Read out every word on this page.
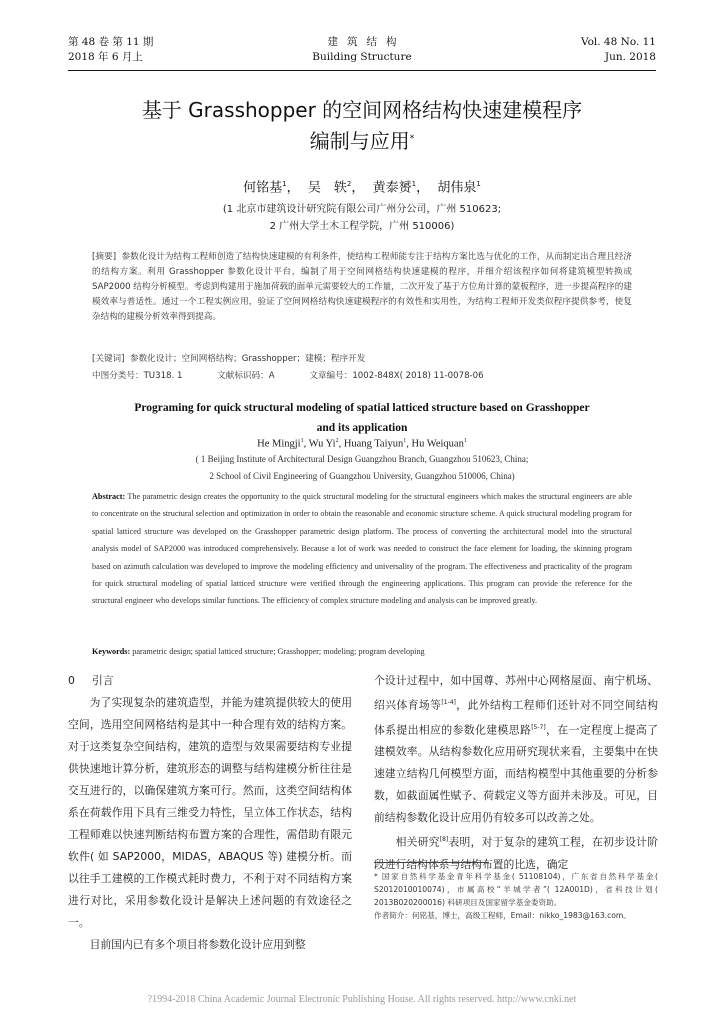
第 48 卷 第 11 期
2018 年 6 月上
建筑结构
Building Structure
Vol. 48 No. 11
Jun. 2018
基于 Grasshopper 的空间网格结构快速建模程序
编制与应用*
何铭基$^1$，  吴　轶$^2$，  黄泰赟$^1$，  胡伟泉$^1$
(1 北京市建筑设计研究院有限公司广州分公司，广州 510623;
2 广州大学土木工程学院，广州 510006)
[摘要] 参数化设计为结构工程师创造了结构快速建模的有利条件，使结构工程师能专注于结构方案比选与优化的工作，从而制定出合理且经济的结构方案。利用 Grasshopper 参数化设计平台，编制了用于空间网格结构快速建模的程序，并细介绍该程序如何将建筑模型转换成 SAP2000 结构分析模型。考虑到构建用于施加荷载的面单元需要较大的工作量，二次开发了基于方位角计算的蒙板程序，进一步提高程序的建模效率与普适性。通过一个工程实例应用，验证了空间网格结构快速建模程序的有效性和实用性，为结构工程师开发类似程序提供参考，使复杂结构的建模分析效率得到提高。
[关键词] 参数化设计；空间网格结构；Grasshopper；建模；程序开发
中图分类号：TU318. 1	文献标识码：A	文章编号：1002-848X( 2018) 11-0078-06
Programing for quick structural modeling of spatial latticed structure based on Grasshopper
and its application
He Mingji$^1$, Wu Yi$^2$, Huang Taiyun$^1$, Hu Weiquan$^1$
( 1 Beijing Institute of Architectural Design Guangzhou Branch, Guangzhou 510623, China;
2 School of Civil Engineering of Guangzhou University, Guangzhou 510006, China)
Abstract: The parametric design creates the opportunity to the quick structural modeling for the structural engineers which makes the structural engineers are able to concentrate on the structural selection and optimization in order to obtain the reasonable and economic structure scheme. A quick structural modeling program for spatial latticed structure was developed on the Grasshopper parametric design platform. The process of converting the architectural model into the structural analysis model of SAP2000 was introduced comprehensively. Because a lot of work was needed to construct the face element for loading, the skinning program based on azimuth calculation was developed to improve the modeling efficiency and universality of the program. The effectiveness and practicality of the program for quick structural modeling of spatial latticed structure were verified through the engineering applications. This program can provide the reference for the structural engineer who develops similar functions. The efficiency of complex structure modeling and analysis can be improved greatly.
Keywords: parametric design; spatial latticed structure; Grasshopper; modeling; program developing

0 引言

为了实现复杂的建筑造型，并能为建筑提供较大的使用空间，选用空间网格结构是其中一种合理有效的结构方案。对于这类复杂空间结构，建筑的造型与效果需要结构专业提供快速地计算分析，建筑形态的调整与结构建模分析往往是交互进行的，以确保建筑方案可行。然而，这类空间结构体系在荷载作用下具有三维受力特性，呈立体工作状态，结构工程师难以快速判断结构布置方案的合理性，需借助有限元软件( 如 SAP2000，MIDAS，ABAQUS 等) 建模分析。而以往手工建模的工作模式耗时费力，不利于对不同结构方案进行对比，采用参数化设计是解决上述问题的有效途径之一。

目前国内已有多个项目将参数化设计应用到整

个设计过程中，如中国尊、苏州中心网格屋面、南宁机场、绍兴体育场等[1-4]，此外结构工程师们还针对不同空间结构体系提出相应的参数化建模思路[5-7]，在一定程度上提高了建模效率。从结构参数化应用研究现状来看，主要集中在快速建立结构几何模型方面，而结构模型中其他重要的分析参数，如截面属性赋予、荷载定义等方面并未涉及。可见，目前结构参数化设计应用仍有较多可以改善之处。

相关研究[8]表明，对于复杂的建筑工程，在初步设计阶段进行结构体系与结构布置的比选，确定

* 国家自然科学基金青年科学基金( 51108104)，广东省自然科学基金( S2012010010074)，市属高校“羊城学者”( 12A001D)，省科技计划( 2013B020200016) 科研项目及国家留学基金委资助。
作者简介：何铭基，博士，高级工程师，Email：nikko_1983@163.com。
?1994-2018 China Academic Journal Electronic Publishing House. All rights reserved. http://www.cnki.net
